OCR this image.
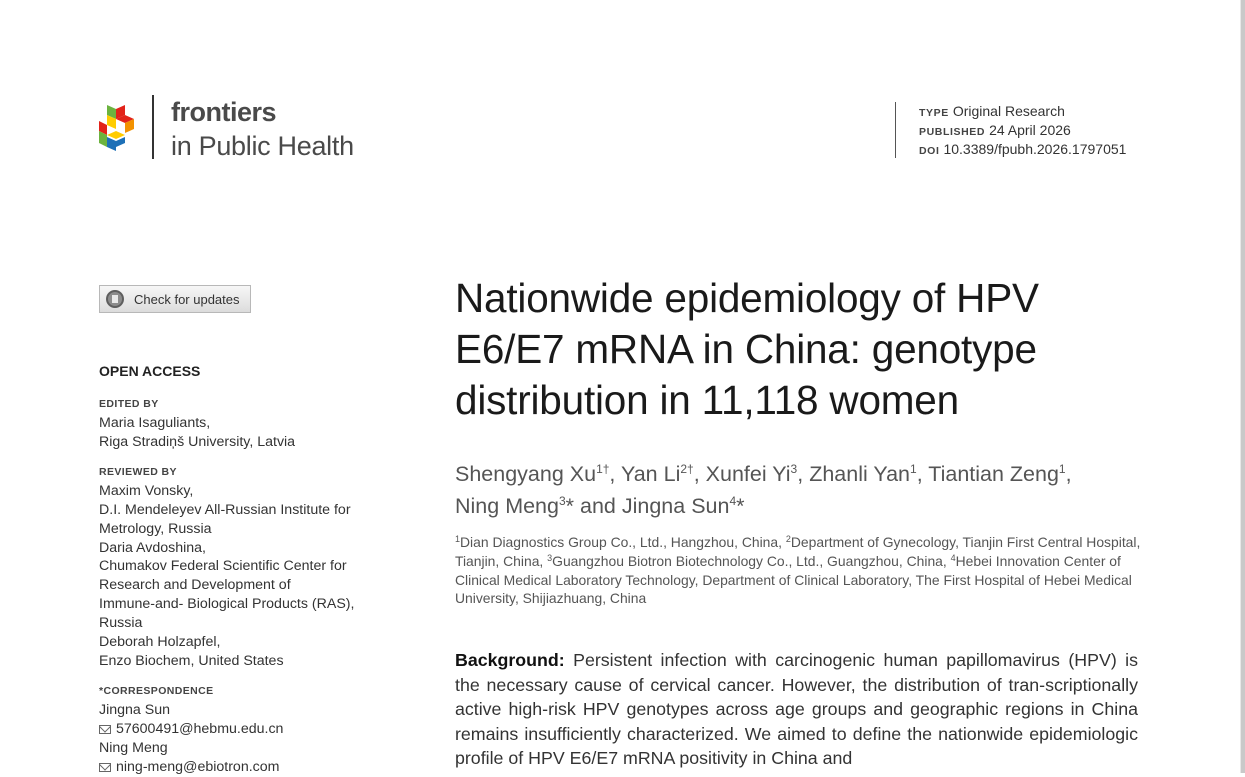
frontiers
in Public Health
TYPE Original Research
PUBLISHED 24 April 2026
DOI 10.3389/fpubh.2026.1797051
Check for updates
OPEN ACCESS
EDITED BY
Maria Isaguliants,
Riga Stradiņš University, Latvia
REVIEWED BY
Maxim Vonsky,
D.I. Mendeleyev All-Russian Institute for
Metrology, Russia
Daria Avdoshina,
Chumakov Federal Scientific Center for
Research and Development of
Immune-and- Biological Products (RAS),
Russia
Deborah Holzapfel,
Enzo Biochem, United States
*CORRESPONDENCE
Jingna Sun
57600491@hebmu.edu.cn
Ning Meng
ning-meng@ebiotron.com
Nationwide epidemiology of HPV
E6/E7 mRNA in China: genotype
distribution in 11,118 women
Shengyang $Xu^{1\dagger}$, Yan $Li^{2\dagger}$, Xunfei Yi$^3$, Zhanli Yan$^1$, Tiantian Zeng$^1$,
Ning Meng$^3$* and Jingna Sun$^4$*
$^1$Dian Diagnostics Group Co., Ltd., Hangzhou, China, $^2$Department of Gynecology, Tianjin First Central Hospital, Tianjin, China, $^3$Guangzhou Biotron Biotechnology Co., Ltd., Guangzhou, China, $^4$Hebei Innovation Center of Clinical Medical Laboratory Technology, Department of Clinical Laboratory, The First Hospital of Hebei Medical University, Shijiazhuang, China
Background: Persistent infection with carcinogenic human papillomavirus (HPV) is the necessary cause of cervical cancer. However, the distribution of tran-scriptionally active high-risk HPV genotypes across age groups and geographic regions in China remains insufficiently characterized. We aimed to define the nationwide epidemiologic profile of HPV E6/E7 mRNA positivity in China and
